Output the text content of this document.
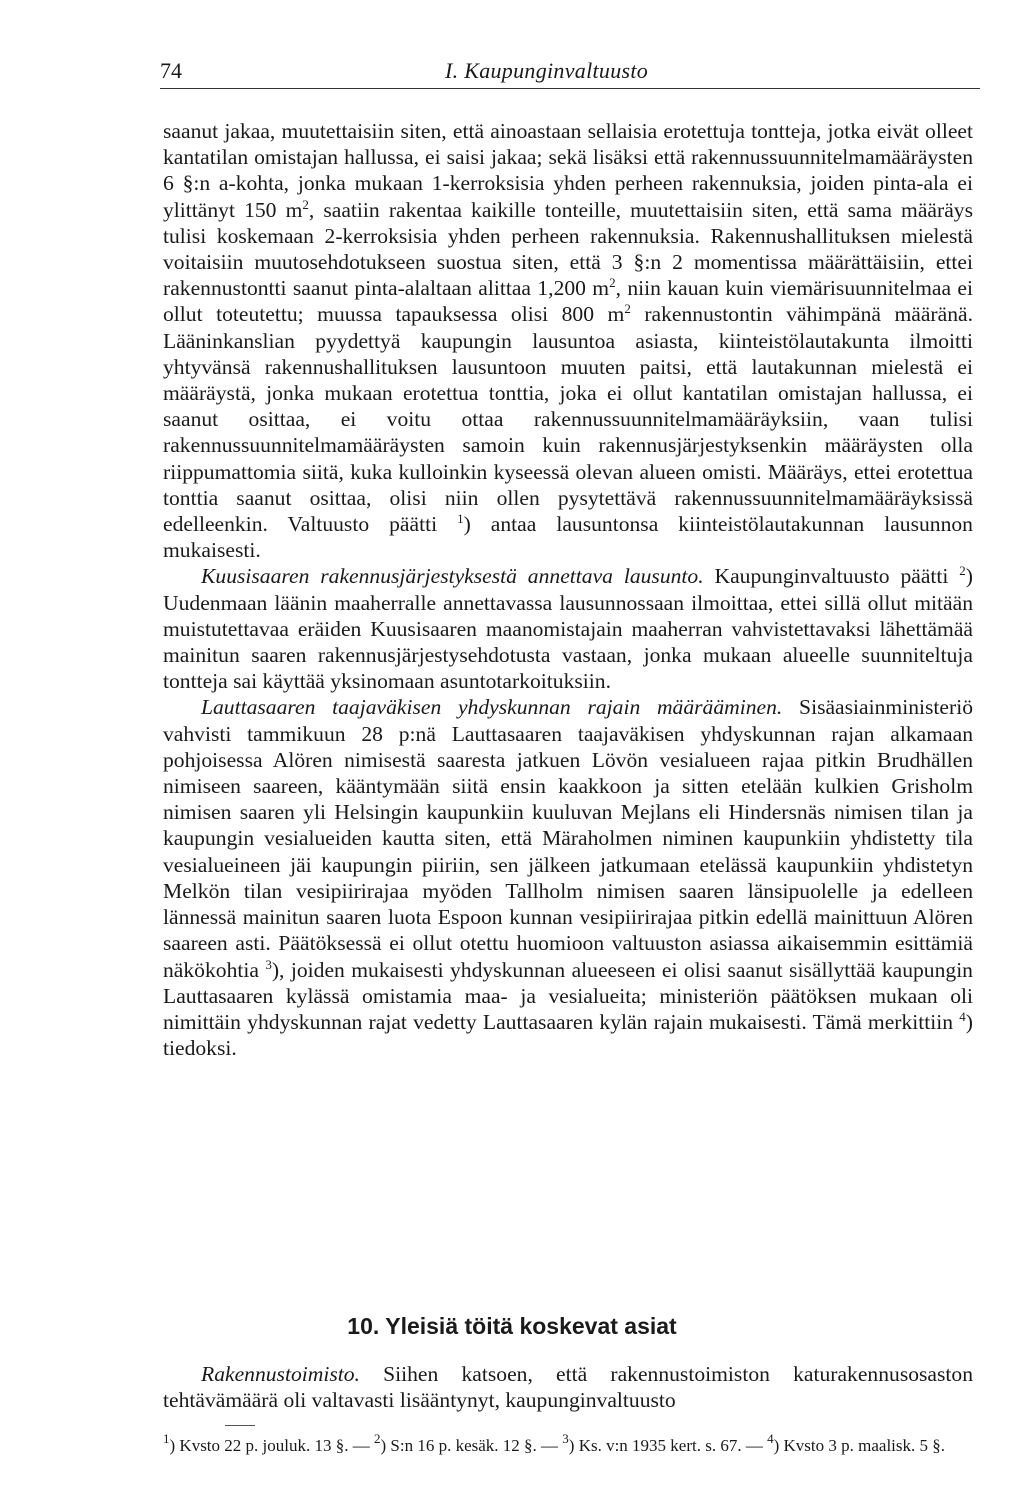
74	I. Kaupunginvaltuusto

saanut jakaa, muutettaisiin siten, että ainoastaan sellaisia erotettuja tontteja, jotka eivät olleet kantatilan omistajan hallussa, ei saisi jakaa; sekä lisäksi että rakennussuunnitelmamääräysten 6 §:n a-kohta, jonka mukaan 1-kerroksisia yhden perheen rakennuksia, joiden pinta-ala ei ylittänyt 150 $m^2$, saatiin rakentaa kaikille tonteille, muutettaisiin siten, että sama määräys tulisi koskemaan 2-kerroksisia yhden perheen rakennuksia. Rakennushallituksen mielestä voitaisiin muutosehdotukseen suostua siten, että 3 §:n 2 momentissa määrättäisiin, ettei rakennustontti saanut pinta-alaltaan alittaa 1,200 $m^2$, niin kauan kuin viemärisuunnitelmaa ei ollut toteutettu; muussa tapauksessa olisi 800 $m^2$ rakennustontin vähimpänä määränä. Lääninkanslian pyydettyä kaupungin lausuntoa asiasta, kiinteistölautakunta ilmoitti yhtyvänsä rakennushallituksen lausuntoon muuten paitsi, että lautakunnan mielestä ei määräystä, jonka mukaan erotettua tonttia, joka ei ollut kantatilan omistajan hallussa, ei saanut osittaa, ei voitu ottaa rakennussuunnitelmamääräyksiin, vaan tulisi rakennussuunnitelmamääräysten samoin kuin rakennusjärjestyksenkin määräysten olla riippumattomia siitä, kuka kulloinkin kyseessä olevan alueen omisti. Määräys, ettei erotettua tonttia saanut osittaa, olisi niin ollen pysytettävä rakennussuunnitelmamääräyksissä edelleenkin. Valtuusto päätti $^1$) antaa lausuntonsa kiinteistölautakunnan lausunnon mukaisesti.

Kuusisaaren rakennusjärjestyksestä annettava lausunto. Kaupunginvaltuusto päätti $^2$) Uudenmaan läänin maaherralle annettavassa lausunnossaan ilmoittaa, ettei sillä ollut mitään muistutettavaa eräiden Kuusisaaren maanomistajain maaherran vahvistettavaksi lähettämää mainitun saaren rakennusjärjestysehdotusta vastaan, jonka mukaan alueelle suunniteltuja tontteja sai käyttää yksinomaan asuntotarkoituksiin.

Lauttasaaren taajaväkisen yhdyskunnan rajain määrääminen. Sisäasiainministeriö vahvisti tammikuun 28 p:nä Lauttasaaren taajaväkisen yhdyskunnan rajan alkamaan pohjoisessa Alören nimisestä saaresta jatkuen Lövön vesialueen rajaa pitkin Brudhällen nimiseen saareen, kääntymään siitä ensin kaakkoon ja sitten etelään kulkien Grisholm nimisen saaren yli Helsingin kaupunkiin kuuluvan Mejlans eli Hindersnäs nimisen tilan ja kaupungin vesialueiden kautta siten, että Märaholmen niminen kaupunkiin yhdistetty tila vesialueineen jäi kaupungin piiriin, sen jälkeen jatkumaan etelässä kaupunkiin yhdistetyn Melkön tilan vesipiirirajaa myöden Tallholm nimisen saaren länsipuolelle ja edelleen lännessä mainitun saaren luota Espoon kunnan vesipiirirajaa pitkin edellä mainittuun Alören saareen asti. Päätöksessä ei ollut otettu huomioon valtuuston asiassa aikaisemmin esittämiä näkökohtia $^3$), joiden mukaisesti yhdyskunnan alueeseen ei olisi saanut sisällyttää kaupungin Lauttasaaren kylässä omistamia maa- ja vesialueita; ministeriön päätöksen mukaan oli nimittäin yhdyskunnan rajat vedetty Lauttasaaren kylän rajain mukaisesti. Tämä merkittiin $^4$) tiedoksi.

10. Yleisiä töitä koskevat asiat

Rakennustoimisto. Siihen katsoen, että rakennustoimiston katurakennusosaston tehtävämäärä oli valtavasti lisääntynyt, kaupunginvaltuusto

$^1$) Kvsto 22 p. jouluk. 13 §. — $^2$) S:n 16 p. kesäk. 12 §. — $^3$) Ks. v:n 1935 kert. s. 67. — $^4$) Kvsto 3 p. maalisk. 5 §.
